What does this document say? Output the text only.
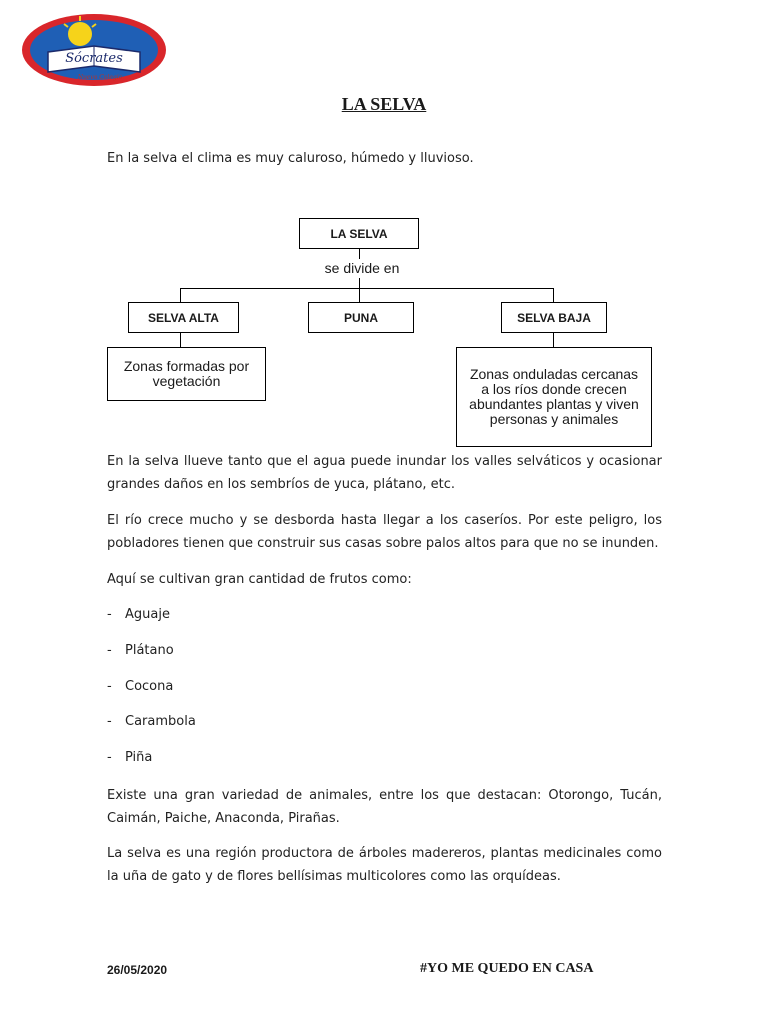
Sócrates
Nuevo Colegio
LA SELVA
En la selva el clima es muy caluroso, húmedo y lluvioso.
LA SELVA
se divide en
SELVA ALTA	PUNA	SELVA BAJA
Zonas formadas por vegetación	Zonas onduladas cercanas a los ríos donde crecen abundantes plantas y viven personas y animales
En la selva llueve tanto que el agua puede inundar los valles selváticos y ocasionar grandes daños en los sembríos de yuca, plátano, etc.
El río crece mucho y se desborda hasta llegar a los caseríos. Por este peligro, los pobladores tienen que construir sus casas sobre palos altos para que no se inunden.
Aquí se cultivan gran cantidad de frutos como:
- Aguaje
- Plátano
- Cocona
- Carambola
- Piña
Existe una gran variedad de animales, entre los que destacan: Otorongo, Tucán, Caimán, Paiche, Anaconda, Pirañas.
La selva es una región productora de árboles madereros, plantas medicinales como la uña de gato y de flores bellísimas multicolores como las orquídeas.
26/05/2020	#YO ME QUEDO EN CASA
